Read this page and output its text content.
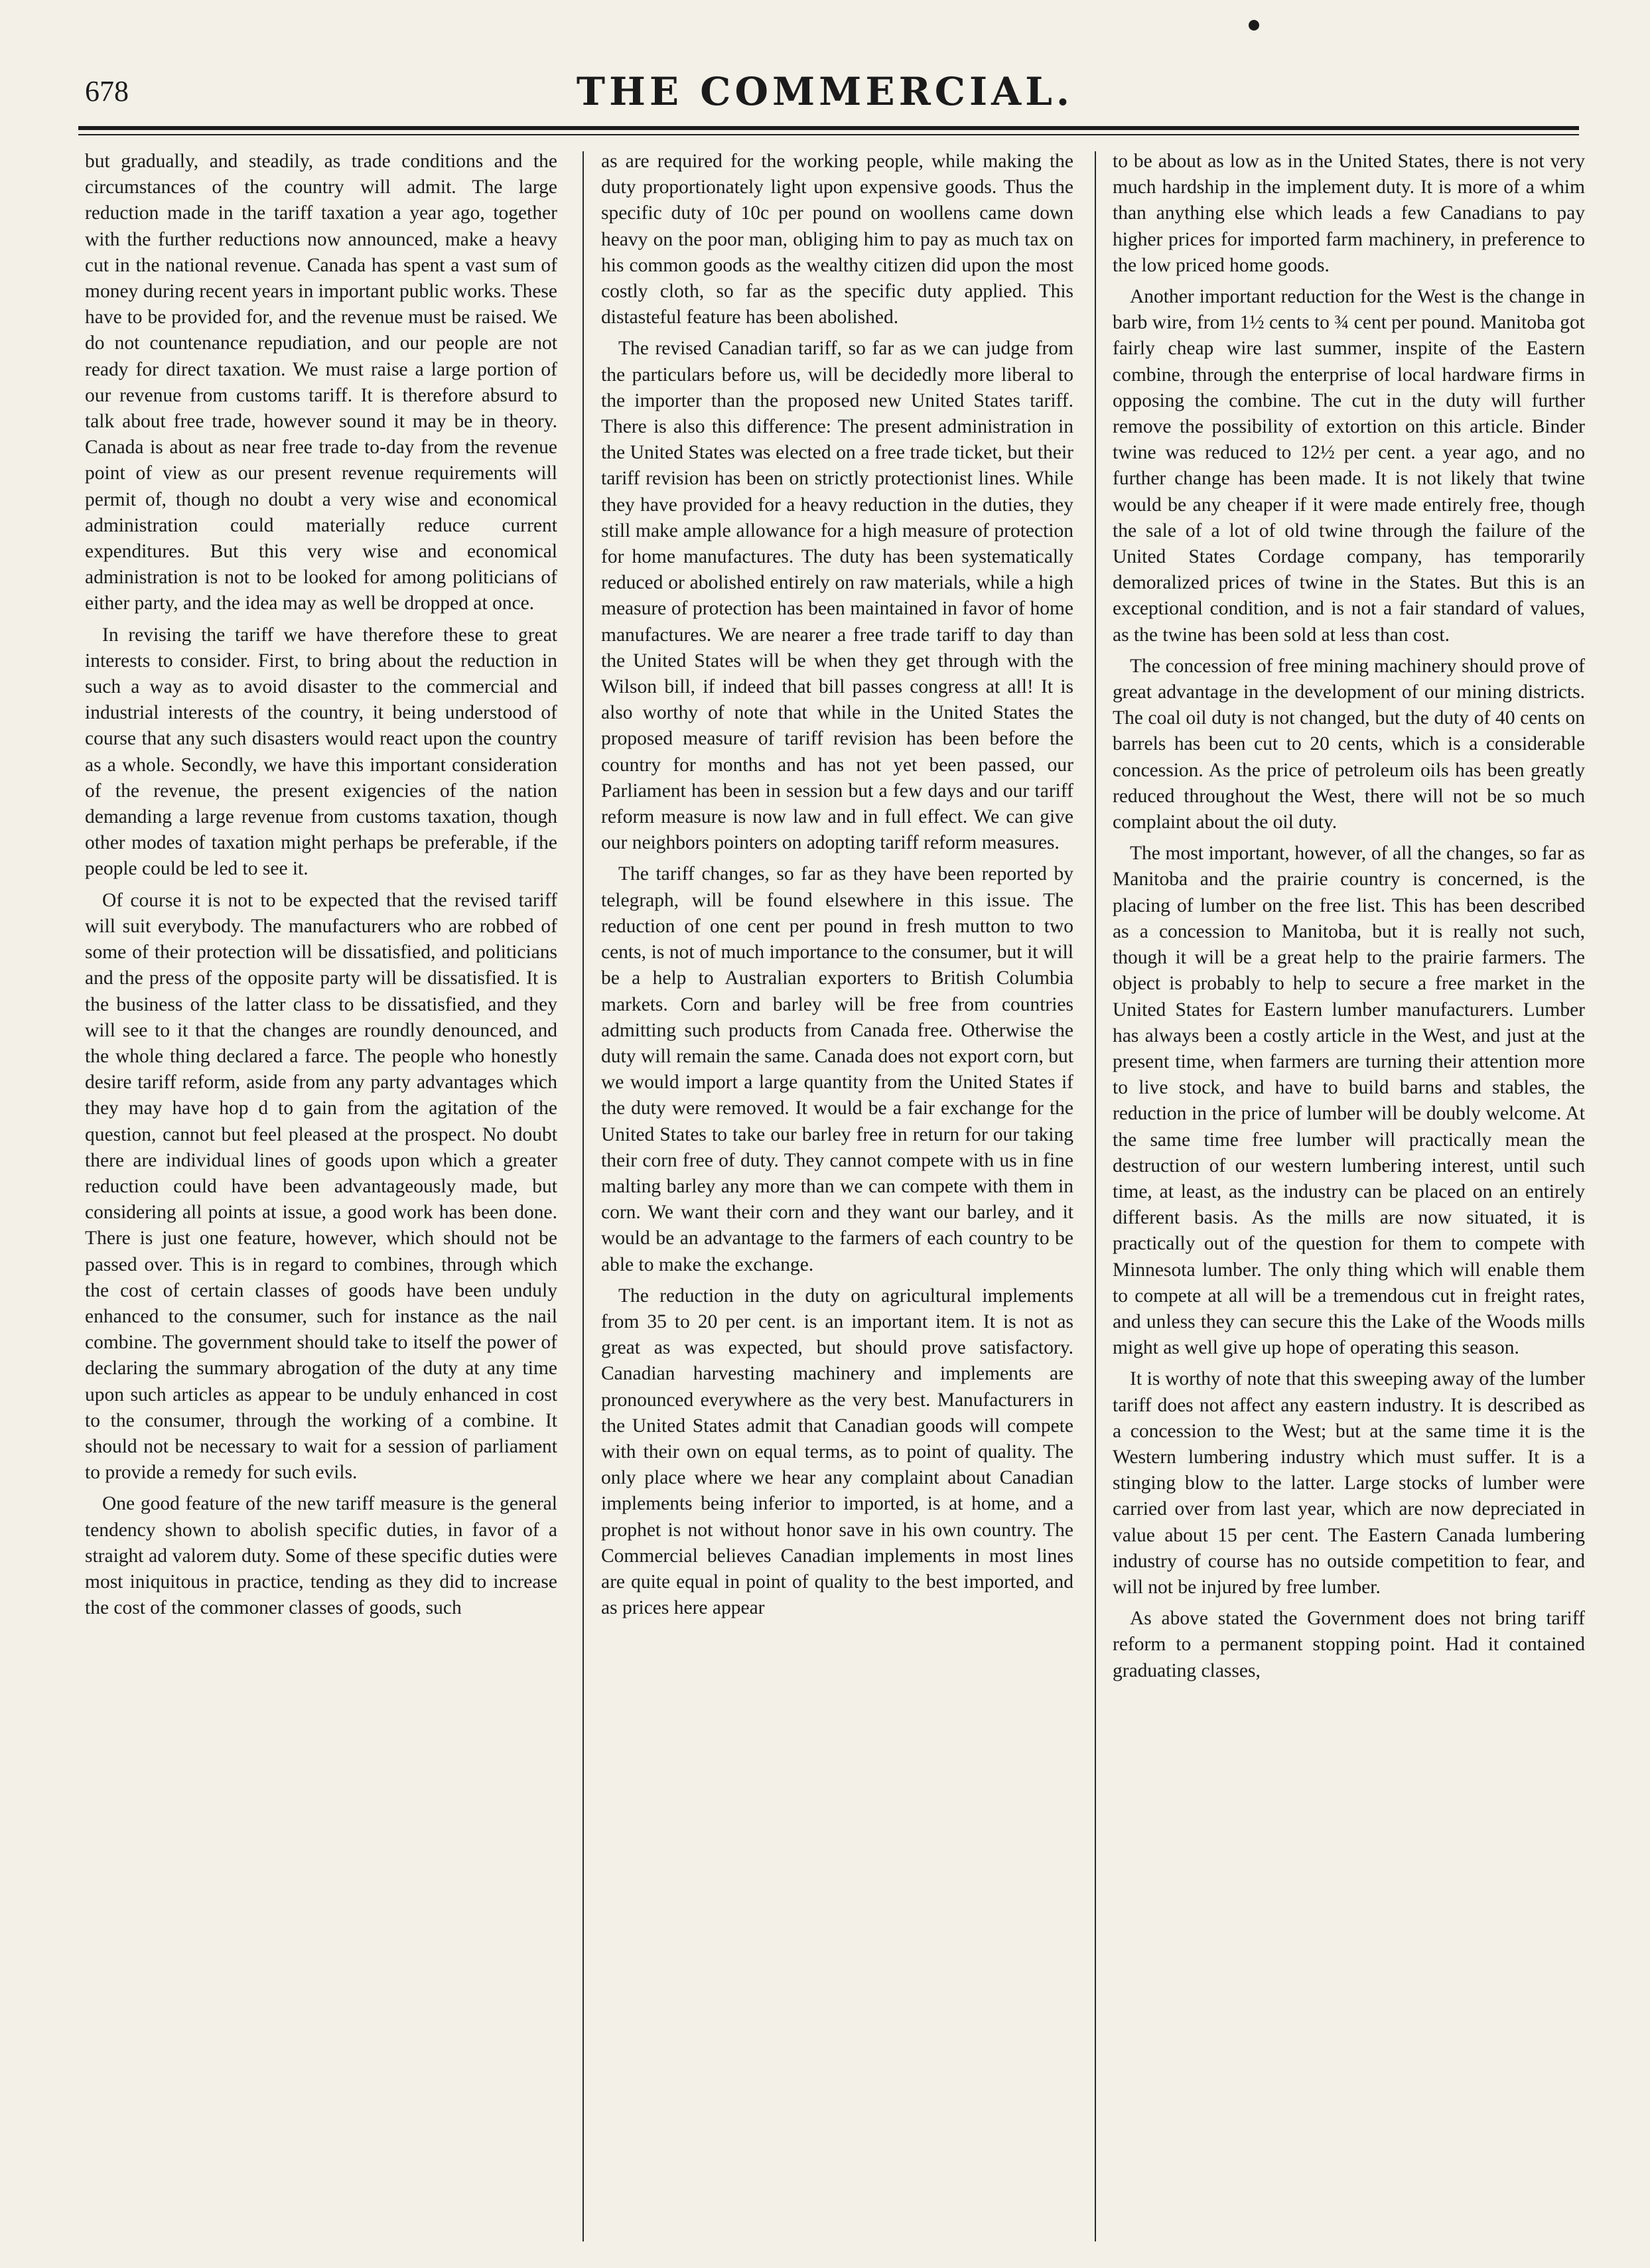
678	THE COMMERCIAL.

but gradually, and steadily, as trade conditions and the circumstances of the country will admit. The large reduction made in the tariff taxation a year ago, together with the further reductions now announced, make a heavy cut in the national revenue. Canada has spent a vast sum of money during recent years in important public works. These have to be provided for, and the revenue must be raised. We do not countenance repudiation, and our people are not ready for direct taxation. We must raise a large portion of our revenue from customs tariff. It is therefore absurd to talk about free trade, however sound it may be in theory. Canada is about as near free trade to-day from the revenue point of view as our present revenue requirements will permit of, though no doubt a very wise and economical administration could materially reduce current expenditures. But this very wise and economical administration is not to be looked for among politicians of either party, and the idea may as well be dropped at once.

In revising the tariff we have therefore these to great interests to consider. First, to bring about the reduction in such a way as to avoid disaster to the commercial and industrial interests of the country, it being understood of course that any such disasters would react upon the country as a whole. Secondly, we have this important consideration of the revenue, the present exigencies of the nation demanding a large revenue from customs taxation, though other modes of taxation might perhaps be preferable, if the people could be led to see it.

Of course it is not to be expected that the revised tariff will suit everybody. The manufacturers who are robbed of some of their protection will be dissatisfied, and politicians and the press of the opposite party will be dissatisfied. It is the business of the latter class to be dissatisfied, and they will see to it that the changes are roundly denounced, and the whole thing declared a farce. The people who honestly desire tariff reform, aside from any party advantages which they may have hop d to gain from the agitation of the question, cannot but feel pleased at the prospect. No doubt there are individual lines of goods upon which a greater reduction could have been advantageously made, but considering all points at issue, a good work has been done. There is just one feature, however, which should not be passed over. This is in regard to combines, through which the cost of certain classes of goods have been unduly enhanced to the consumer, such for instance as the nail combine. The government should take to itself the power of declaring the summary abrogation of the duty at any time upon such articles as appear to be unduly enhanced in cost to the consumer, through the working of a combine. It should not be necessary to wait for a session of parliament to provide a remedy for such evils.

One good feature of the new tariff measure is the general tendency shown to abolish specific duties, in favor of a straight ad valorem duty. Some of these specific duties were most iniquitous in practice, tending as they did to increase the cost of the commoner classes of goods, such

as are required for the working people, while making the duty proportionately light upon expensive goods. Thus the specific duty of 10c per pound on woollens came down heavy on the poor man, obliging him to pay as much tax on his common goods as the wealthy citizen did upon the most costly cloth, so far as the specific duty applied. This distasteful feature has been abolished.

The revised Canadian tariff, so far as we can judge from the particulars before us, will be decidedly more liberal to the importer than the proposed new United States tariff. There is also this difference: The present administration in the United States was elected on a free trade ticket, but their tariff revision has been on strictly protectionist lines. While they have provided for a heavy reduction in the duties, they still make ample allowance for a high measure of protection for home manufactures. The duty has been systematically reduced or abolished entirely on raw materials, while a high measure of protection has been maintained in favor of home manufactures. We are nearer a free trade tariff to day than the United States will be when they get through with the Wilson bill, if indeed that bill passes congress at all! It is also worthy of note that while in the United States the proposed measure of tariff revision has been before the country for months and has not yet been passed, our Parliament has been in session but a few days and our tariff reform measure is now law and in full effect. We can give our neighbors pointers on adopting tariff reform measures.

The tariff changes, so far as they have been reported by telegraph, will be found elsewhere in this issue. The reduction of one cent per pound in fresh mutton to two cents, is not of much importance to the consumer, but it will be a help to Australian exporters to British Columbia markets. Corn and barley will be free from countries admitting such products from Canada free. Otherwise the duty will remain the same. Canada does not export corn, but we would import a large quantity from the United States if the duty were removed. It would be a fair exchange for the United States to take our barley free in return for our taking their corn free of duty. They cannot compete with us in fine malting barley any more than we can compete with them in corn. We want their corn and they want our barley, and it would be an advantage to the farmers of each country to be able to make the exchange.

The reduction in the duty on agricultural implements from 35 to 20 per cent. is an important item. It is not as great as was expected, but should prove satisfactory. Canadian harvesting machinery and implements are pronounced everywhere as the very best. Manufacturers in the United States admit that Canadian goods will compete with their own on equal terms, as to point of quality. The only place where we hear any complaint about Canadian implements being inferior to imported, is at home, and a prophet is not without honor save in his own country. The Commercial believes Canadian implements in most lines are quite equal in point of quality to the best imported, and as prices here appear

to be about as low as in the United States, there is not very much hardship in the implement duty. It is more of a whim than anything else which leads a few Canadians to pay higher prices for imported farm machinery, in preference to the low priced home goods.

Another important reduction for the West is the change in barb wire, from 1½ cents to ¾ cent per pound. Manitoba got fairly cheap wire last summer, inspite of the Eastern combine, through the enterprise of local hardware firms in opposing the combine. The cut in the duty will further remove the possibility of extortion on this article. Binder twine was reduced to 12½ per cent. a year ago, and no further change has been made. It is not likely that twine would be any cheaper if it were made entirely free, though the sale of a lot of old twine through the failure of the United States Cordage company, has temporarily demoralized prices of twine in the States. But this is an exceptional condition, and is not a fair standard of values, as the twine has been sold at less than cost.

The concession of free mining machinery should prove of great advantage in the development of our mining districts. The coal oil duty is not changed, but the duty of 40 cents on barrels has been cut to 20 cents, which is a considerable concession. As the price of petroleum oils has been greatly reduced throughout the West, there will not be so much complaint about the oil duty.

The most important, however, of all the changes, so far as Manitoba and the prairie country is concerned, is the placing of lumber on the free list. This has been described as a concession to Manitoba, but it is really not such, though it will be a great help to the prairie farmers. The object is probably to help to secure a free market in the United States for Eastern lumber manufacturers. Lumber has always been a costly article in the West, and just at the present time, when farmers are turning their attention more to live stock, and have to build barns and stables, the reduction in the price of lumber will be doubly welcome. At the same time free lumber will practically mean the destruction of our western lumbering interest, until such time, at least, as the industry can be placed on an entirely different basis. As the mills are now situated, it is practically out of the question for them to compete with Minnesota lumber. The only thing which will enable them to compete at all will be a tremendous cut in freight rates, and unless they can secure this the Lake of the Woods mills might as well give up hope of operating this season.

It is worthy of note that this sweeping away of the lumber tariff does not affect any eastern industry. It is described as a concession to the West; but at the same time it is the Western lumbering industry which must suffer. It is a stinging blow to the latter. Large stocks of lumber were carried over from last year, which are now depreciated in value about 15 per cent. The Eastern Canada lumbering industry of course has no outside competition to fear, and will not be injured by free lumber.

As above stated the Government does not bring tariff reform to a permanent stopping point. Had it contained graduating classes,
